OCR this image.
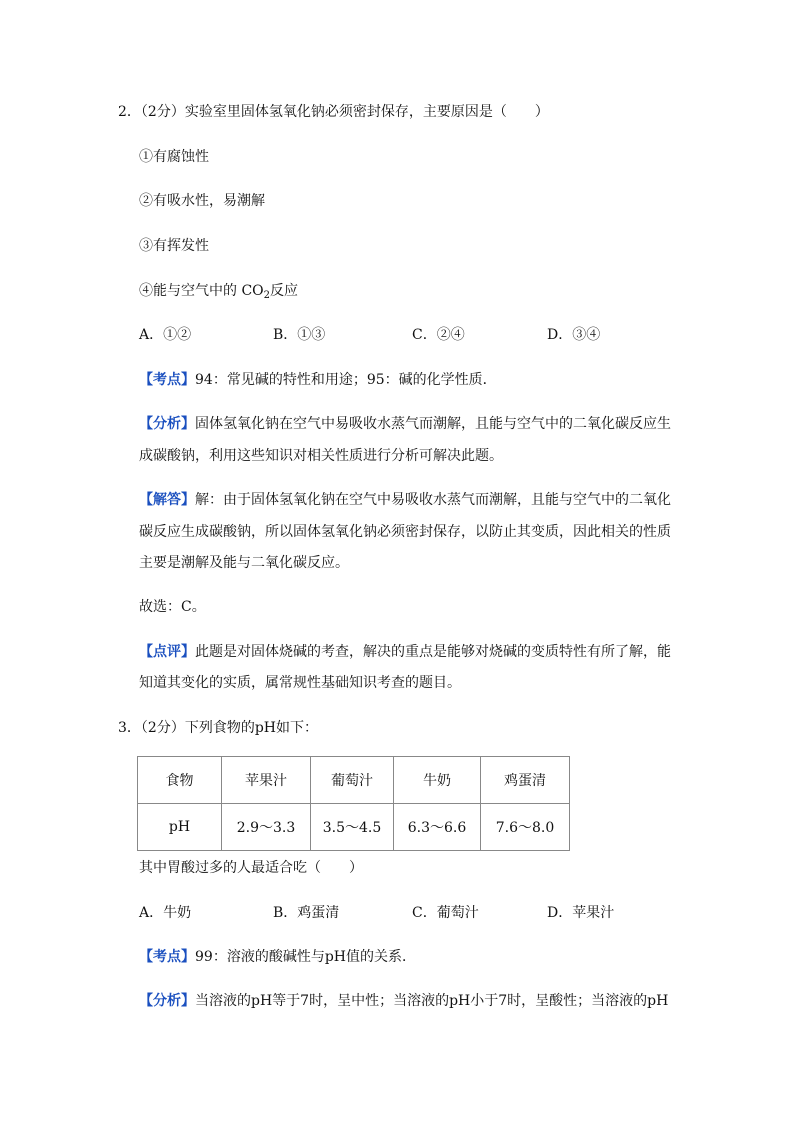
2．（2分）实验室里固体氢氧化钠必须密封保存，主要原因是（　　）
①有腐蚀性
②有吸水性，易潮解
③有挥发性
④能与空气中的 $CO_2$反应
A．①②	B．①③	C．②④	D．③④
【考点】94：常见碱的特性和用途；95：碱的化学性质．
【分析】固体氢氧化钠在空气中易吸收水蒸气而潮解，且能与空气中的二氧化碳反应生
成碳酸钠，利用这些知识对相关性质进行分析可解决此题。
【解答】解：由于固体氢氧化钠在空气中易吸收水蒸气而潮解，且能与空气中的二氧化
碳反应生成碳酸钠，所以固体氢氧化钠必须密封保存，以防止其变质，因此相关的性质
主要是潮解及能与二氧化碳反应。
故选：C。
【点评】此题是对固体烧碱的考查，解决的重点是能够对烧碱的变质特性有所了解，能
知道其变化的实质，属常规性基础知识考查的题目。
3．（2分）下列食物的pH如下：
食物	苹果汁	葡萄汁	牛奶	鸡蛋清
pH	2.9～3.3	3.5～4.5	6.3～6.6	7.6～8.0
其中胃酸过多的人最适合吃（　　）
A．牛奶	B．鸡蛋清	C．葡萄汁	D．苹果汁
【考点】99：溶液的酸碱性与pH值的关系．
【分析】当溶液的pH等于7时，呈中性；当溶液的pH小于7时，呈酸性；当溶液的pH
